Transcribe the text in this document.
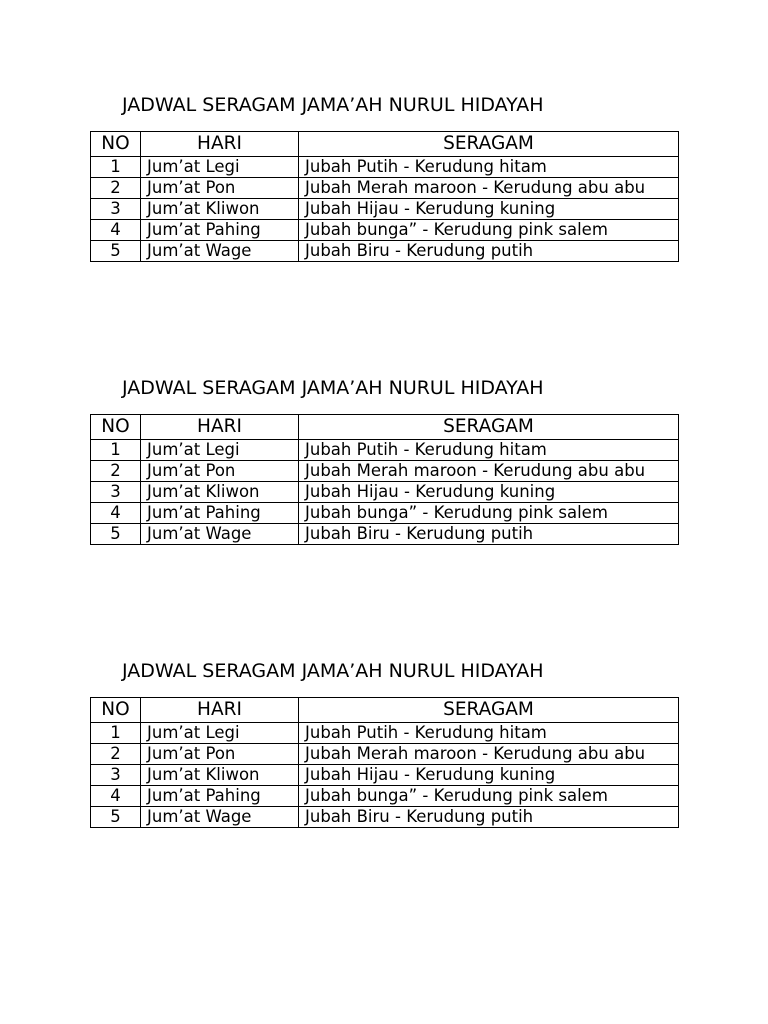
JADWAL SERAGAM JAMA’AH NURUL HIDAYAH
NO	HARI	SERAGAM
1	Jum’at Legi	Jubah Putih - Kerudung hitam
2	Jum’at Pon	Jubah Merah maroon - Kerudung abu abu
3	Jum’at Kliwon	Jubah Hijau - Kerudung kuning
4	Jum’at Pahing	Jubah bunga” - Kerudung pink salem
5	Jum’at Wage	Jubah Biru - Kerudung putih
JADWAL SERAGAM JAMA’AH NURUL HIDAYAH
NO	HARI	SERAGAM
1	Jum’at Legi	Jubah Putih - Kerudung hitam
2	Jum’at Pon	Jubah Merah maroon - Kerudung abu abu
3	Jum’at Kliwon	Jubah Hijau - Kerudung kuning
4	Jum’at Pahing	Jubah bunga” - Kerudung pink salem
5	Jum’at Wage	Jubah Biru - Kerudung putih
JADWAL SERAGAM JAMA’AH NURUL HIDAYAH
NO	HARI	SERAGAM
1	Jum’at Legi	Jubah Putih - Kerudung hitam
2	Jum’at Pon	Jubah Merah maroon - Kerudung abu abu
3	Jum’at Kliwon	Jubah Hijau - Kerudung kuning
4	Jum’at Pahing	Jubah bunga” - Kerudung pink salem
5	Jum’at Wage	Jubah Biru - Kerudung putih
